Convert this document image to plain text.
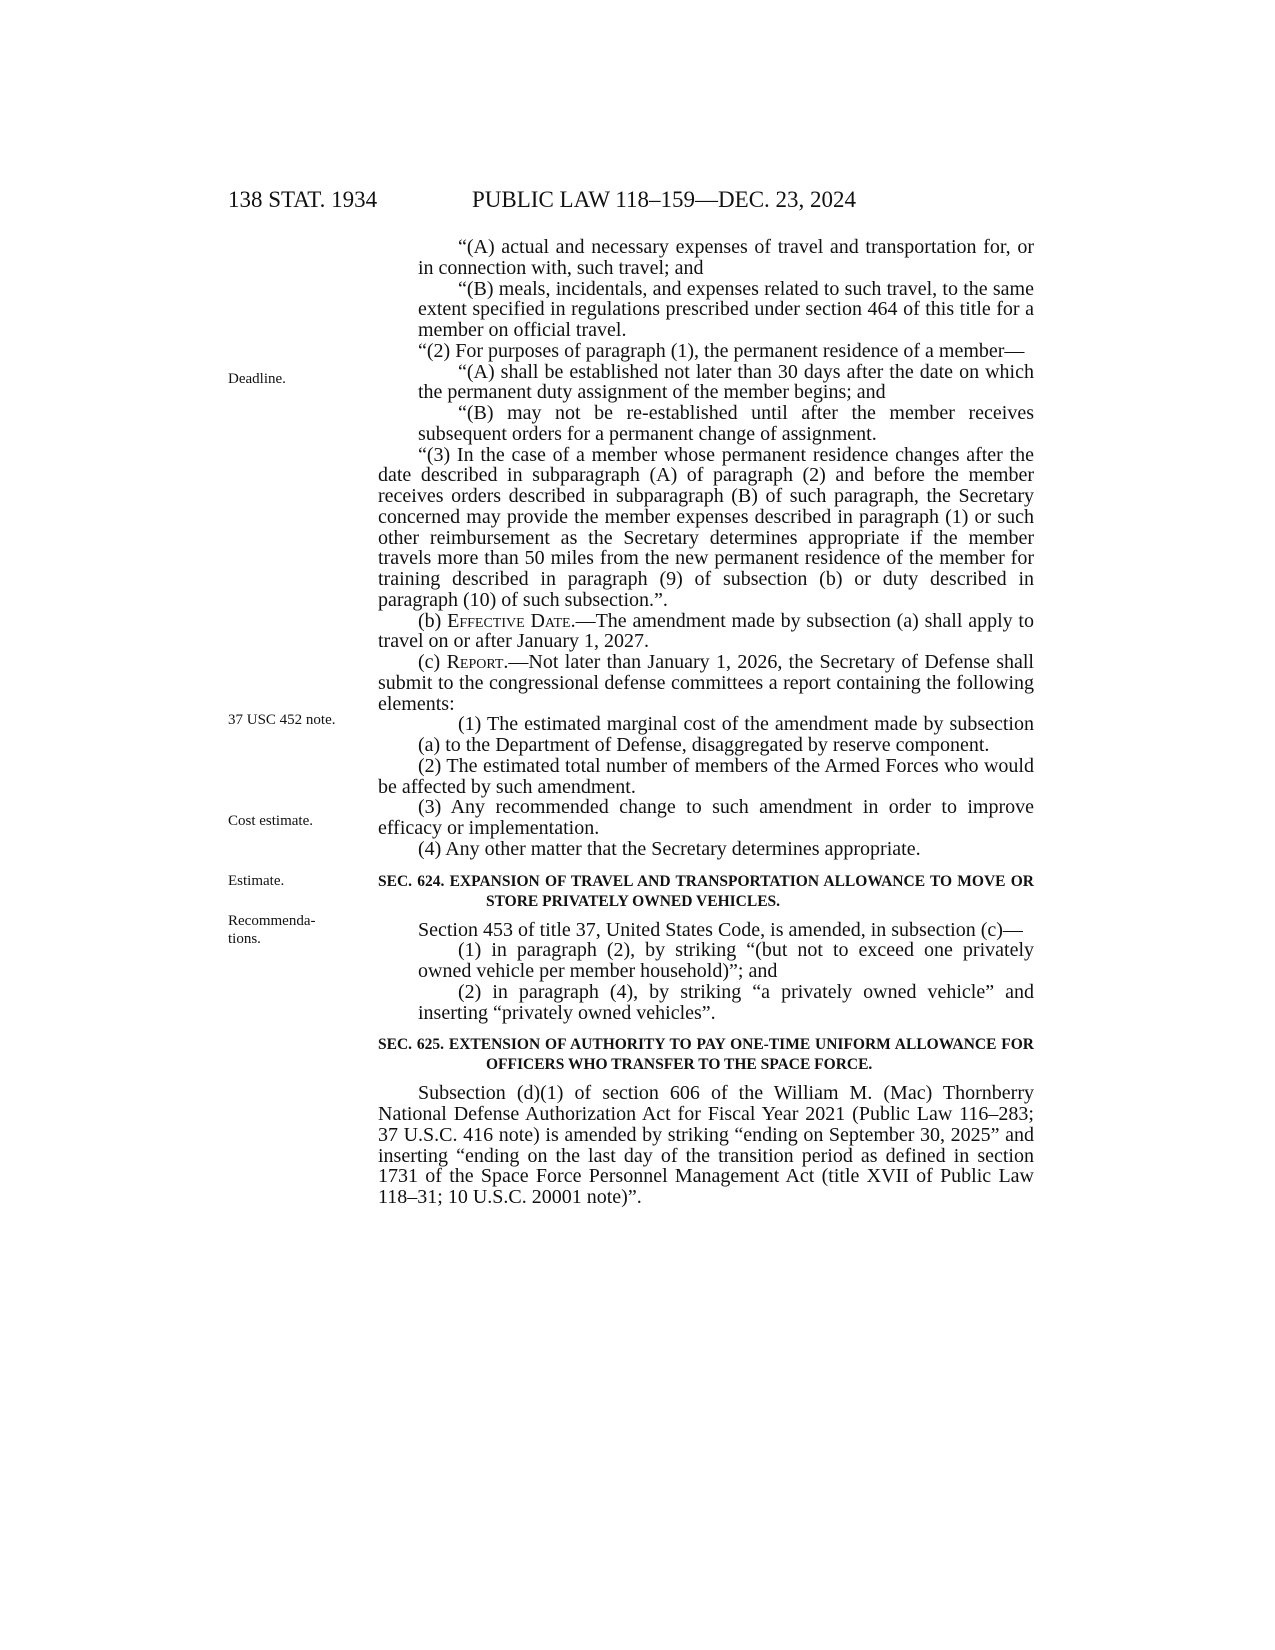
138 STAT. 1934	PUBLIC LAW 118–159—DEC. 23, 2024
Deadline.
37 USC 452 note.
Cost estimate.
Estimate.
Recommenda-
tions.

“(A) actual and necessary expenses of travel and transportation for, or in connection with, such travel; and

“(B) meals, incidentals, and expenses related to such travel, to the same extent specified in regulations prescribed under section 464 of this title for a member on official travel.

“(2) For purposes of paragraph (1), the permanent residence of a member—

“(A) shall be established not later than 30 days after the date on which the permanent duty assignment of the member begins; and

“(B) may not be re-established until after the member receives subsequent orders for a permanent change of assignment.

“(3) In the case of a member whose permanent residence changes after the date described in subparagraph (A) of paragraph (2) and before the member receives orders described in subparagraph (B) of such paragraph, the Secretary concerned may provide the member expenses described in paragraph (1) or such other reimbursement as the Secretary determines appropriate if the member travels more than 50 miles from the new permanent residence of the member for training described in paragraph (9) of subsection (b) or duty described in paragraph (10) of such subsection.”.

(b) Effective Date.—The amendment made by subsection (a) shall apply to travel on or after January 1, 2027.

(c) Report.—Not later than January 1, 2026, the Secretary of Defense shall submit to the congressional defense committees a report containing the following elements:

(1) The estimated marginal cost of the amendment made by subsection (a) to the Department of Defense, disaggregated by reserve component.

(2) The estimated total number of members of the Armed Forces who would be affected by such amendment.

(3) Any recommended change to such amendment in order to improve efficacy or implementation.

(4) Any other matter that the Secretary determines appropriate.

SEC. 624. EXPANSION OF TRAVEL AND TRANSPORTATION ALLOWANCE TO MOVE OR STORE PRIVATELY OWNED VEHICLES.

Section 453 of title 37, United States Code, is amended, in subsection (c)—

(1) in paragraph (2), by striking “(but not to exceed one privately owned vehicle per member household)”; and

(2) in paragraph (4), by striking “a privately owned vehicle” and inserting “privately owned vehicles”.

SEC. 625. EXTENSION OF AUTHORITY TO PAY ONE-TIME UNIFORM ALLOWANCE FOR OFFICERS WHO TRANSFER TO THE SPACE FORCE.

Subsection (d)(1) of section 606 of the William M. (Mac) Thornberry National Defense Authorization Act for Fiscal Year 2021 (Public Law 116–283; 37 U.S.C. 416 note) is amended by striking “ending on September 30, 2025” and inserting “ending on the last day of the transition period as defined in section 1731 of the Space Force Personnel Management Act (title XVII of Public Law 118–31; 10 U.S.C. 20001 note)”.
